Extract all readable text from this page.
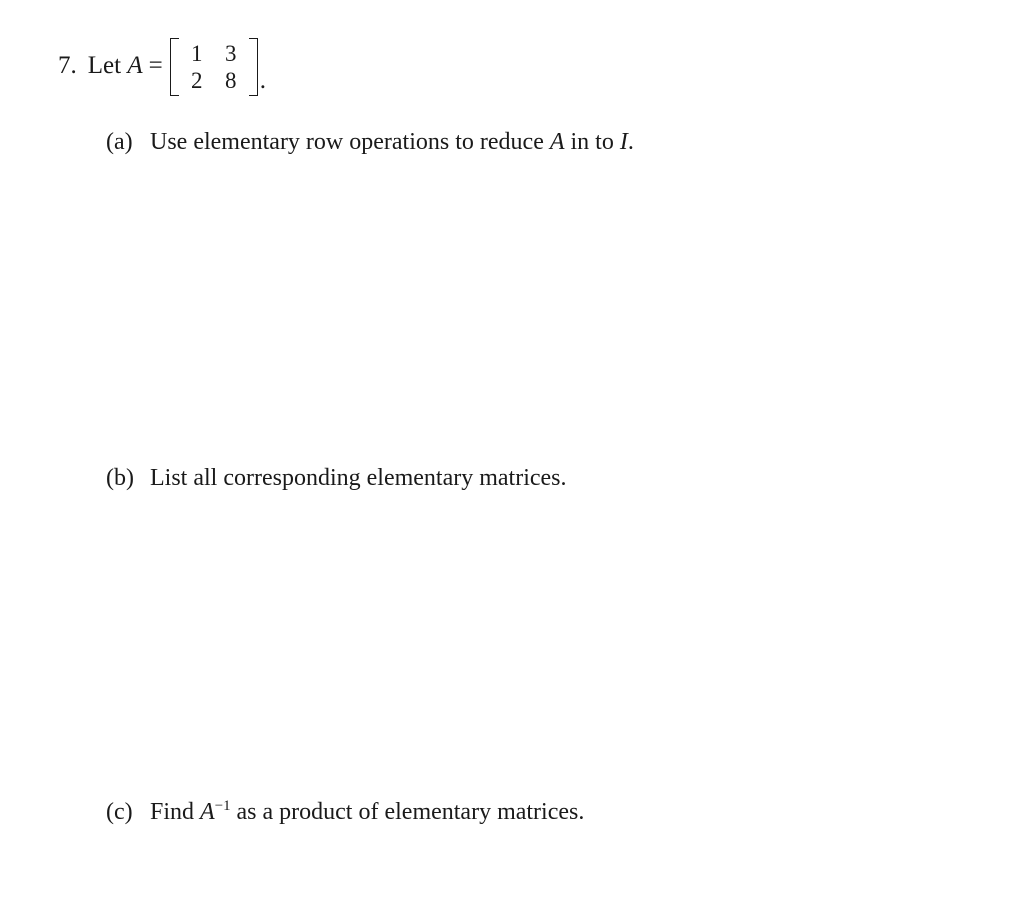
7. Let A =	1 3
2 8 .
(a) Use elementary row operations to reduce A in to I.
(b) List all corresponding elementary matrices.
(c) Find $A^{-1}$ as a product of elementary matrices.
